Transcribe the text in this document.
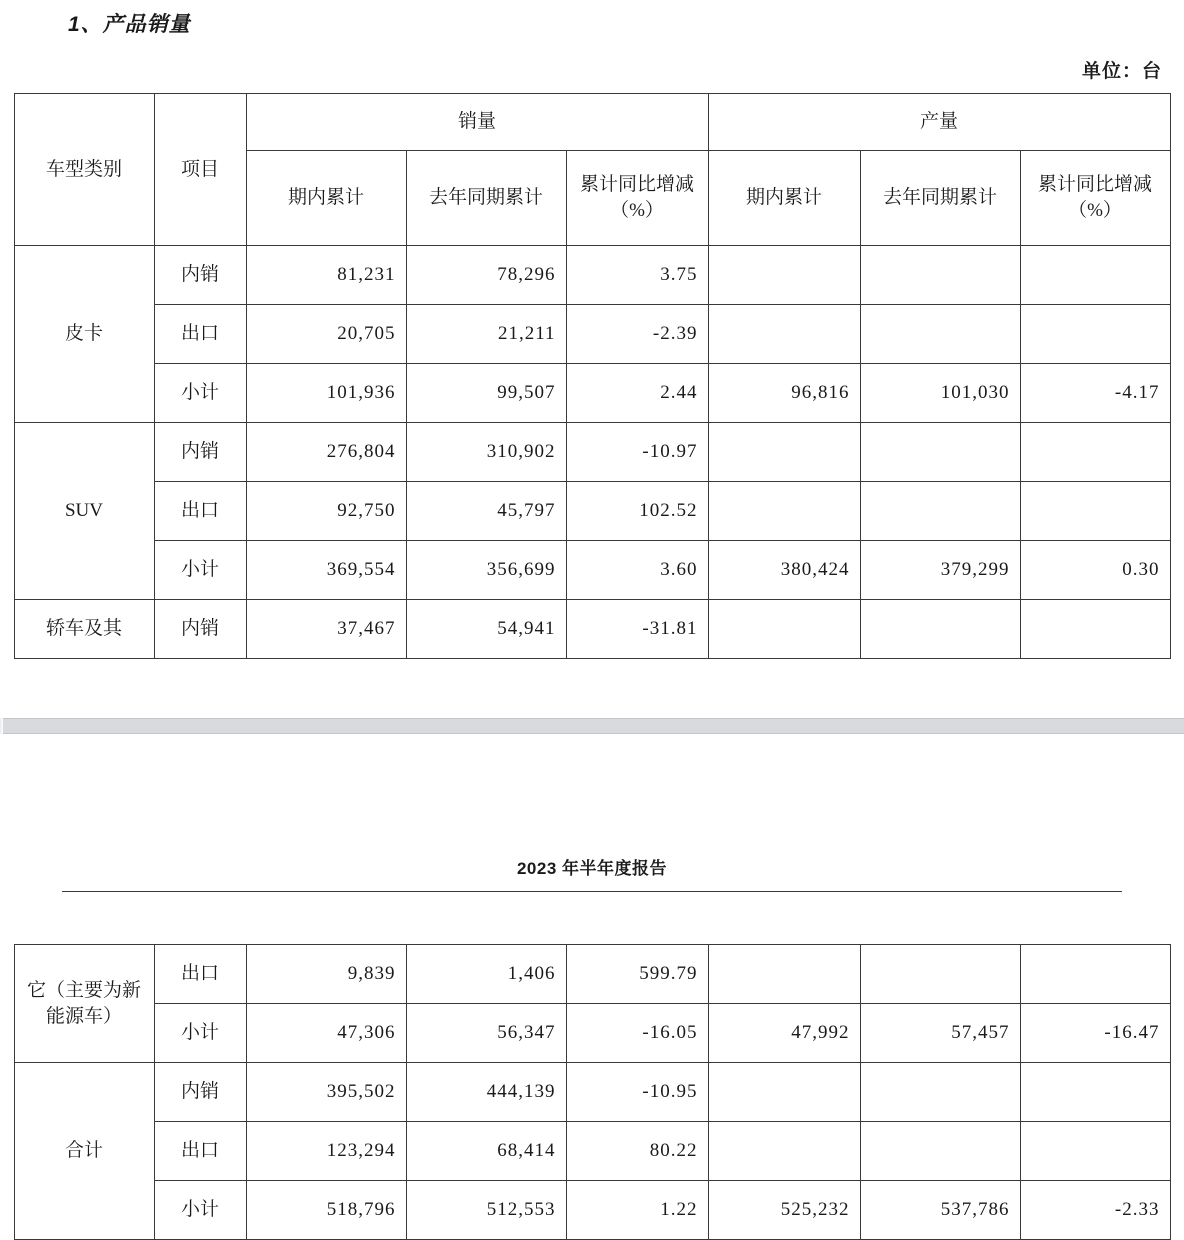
1、产品销量
单位：台
车型类别	项目	销量			产量		
		期内累计	去年同期累计	累计同比增减（%）	期内累计	去年同期累计	累计同比增减（%）
皮卡	内销	81,231	78,296	3.75			
	出口	20,705	21,211	-2.39			
	小计	101,936	99,507	2.44	96,816	101,030	-4.17
SUV	内销	276,804	310,902	-10.97			
	出口	92,750	45,797	102.52			
	小计	369,554	356,699	3.60	380,424	379,299	0.30
轿车及其	内销	37,467	54,941	-31.81			
2023 年半年度报告
它（主要为新能源车）	出口	9,839	1,406	599.79			
	小计	47,306	56,347	-16.05	47,992	57,457	-16.47
合计	内销	395,502	444,139	-10.95			
	出口	123,294	68,414	80.22			
	小计	518,796	512,553	1.22	525,232	537,786	-2.33
